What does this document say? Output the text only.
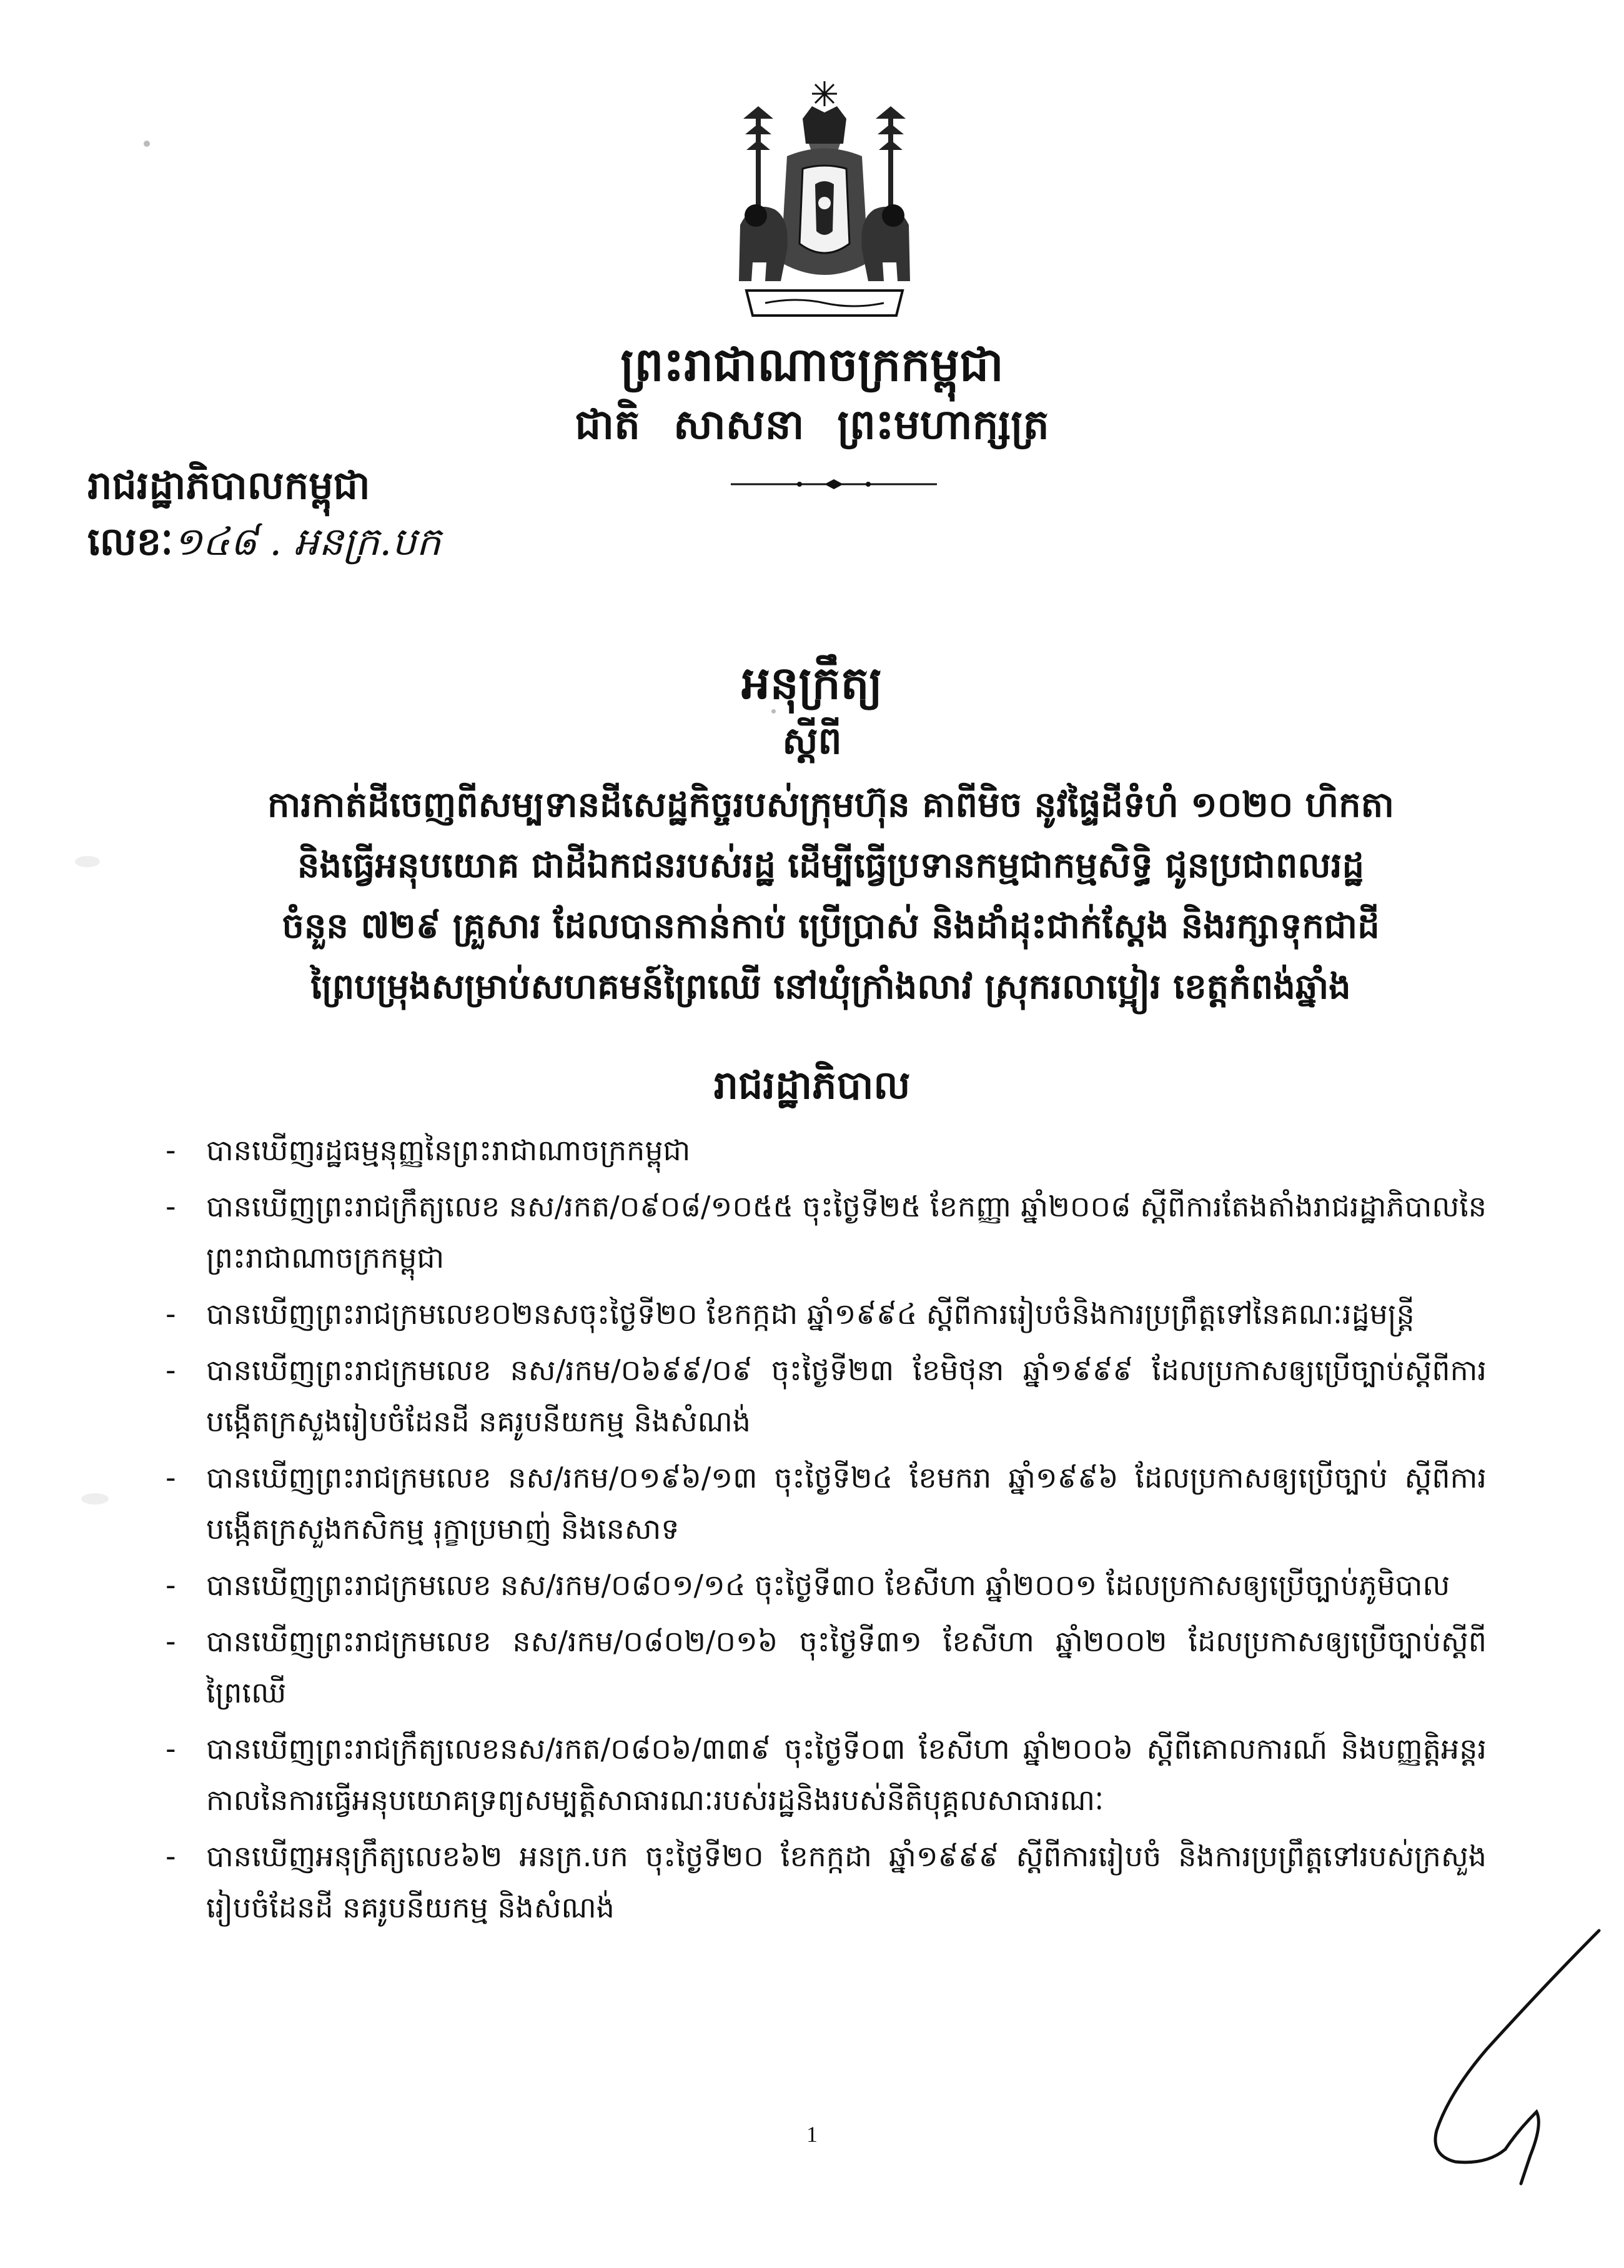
ព្រះរាជាណាចក្រកម្ពុជា
ជាតិ សាសនា ព្រះមហាក្សត្រ
រាជរដ្ឋាភិបាលកម្ពុជា
លេខៈ១៤៨ . អនក្រ.បក
អនុក្រឹត្យ
ស្តីពី
ការកាត់ដីចេញពីសម្បទានដីសេដ្ឋកិច្ចរបស់ក្រុមហ៊ុន គាពីមិច នូវផ្ទៃដីទំហំ ១០២០ ហិកតា
និងធ្វើអនុបយោគ ជាដីឯកជនរបស់រដ្ឋ ដើម្បីធ្វើប្រទានកម្មជាកម្មសិទ្ធិ ជូនប្រជាពលរដ្ឋ
ចំនួន ៧២៩ គ្រួសារ ដែលបានកាន់កាប់ ប្រើប្រាស់ និងដាំដុះជាក់ស្តែង និងរក្សាទុកជាដី
ព្រៃបម្រុងសម្រាប់សហគមន៍ព្រៃឈើ នៅឃុំក្រាំងលាវ ស្រុករលាប្អៀរ ខេត្តកំពង់ឆ្នាំង
រាជរដ្ឋាភិបាល
- បានឃើញរដ្ឋធម្មនុញ្ញនៃព្រះរាជាណាចក្រកម្ពុជា
- បានឃើញព្រះរាជក្រឹត្យលេខ នស/រកត/០៩០៨/១០៥៥ ចុះថ្ងៃទី២៥ ខែកញ្ញា ឆ្នាំ២០០៨ ស្តីពីការតែងតាំងរាជរដ្ឋាភិបាលនៃព្រះរាជាណាចក្រកម្ពុជា
- បានឃើញព្រះរាជក្រមលេខ០២នសចុះថ្ងៃទី២០ ខែកក្កដា ឆ្នាំ១៩៩៤ ស្តីពីការរៀបចំនិងការប្រព្រឹត្តទៅនៃគណៈរដ្ឋមន្ត្រី
- បានឃើញព្រះរាជក្រមលេខ នស/រកម/០៦៩៩/០៩ ចុះថ្ងៃទី២៣ ខែមិថុនា ឆ្នាំ១៩៩៩ ដែលប្រកាសឲ្យប្រើច្បាប់ស្តីពីការបង្កើតក្រសួងរៀបចំដែនដី នគរូបនីយកម្ម និងសំណង់
- បានឃើញព្រះរាជក្រមលេខ នស/រកម/០១៩៦/១៣ ចុះថ្ងៃទី២៤ ខែមករា ឆ្នាំ១៩៩៦ ដែលប្រកាសឲ្យប្រើច្បាប់ ស្តីពីការបង្កើតក្រសួងកសិកម្ម រុក្ខាប្រមាញ់ និងនេសាទ
- បានឃើញព្រះរាជក្រមលេខ នស/រកម/០៨០១/១៤ ចុះថ្ងៃទី៣០ ខែសីហា ឆ្នាំ២០០១ ដែលប្រកាសឲ្យប្រើច្បាប់ភូមិបាល
- បានឃើញព្រះរាជក្រមលេខ នស/រកម/០៨០២/០១៦ ចុះថ្ងៃទី៣១ ខែសីហា ឆ្នាំ២០០២ ដែលប្រកាសឲ្យប្រើច្បាប់ស្តីពីព្រៃឈើ
- បានឃើញព្រះរាជក្រឹត្យលេខនស/រកត/០៨០៦/៣៣៩ ចុះថ្ងៃទី០៣ ខែសីហា ឆ្នាំ២០០៦ ស្តីពីគោលការណ៍ និងបញ្ញត្តិអន្តរកាលនៃការធ្វើអនុបយោគទ្រព្យសម្បត្តិសាធារណៈរបស់រដ្ឋនិងរបស់នីតិបុគ្គលសាធារណៈ
- បានឃើញអនុក្រឹត្យលេខ៦២ អនក្រ.បក ចុះថ្ងៃទី២០ ខែកក្កដា ឆ្នាំ១៩៩៩ ស្តីពីការរៀបចំ និងការប្រព្រឹត្តទៅរបស់ក្រសួងរៀបចំដែនដី នគរូបនីយកម្ម និងសំណង់
1
